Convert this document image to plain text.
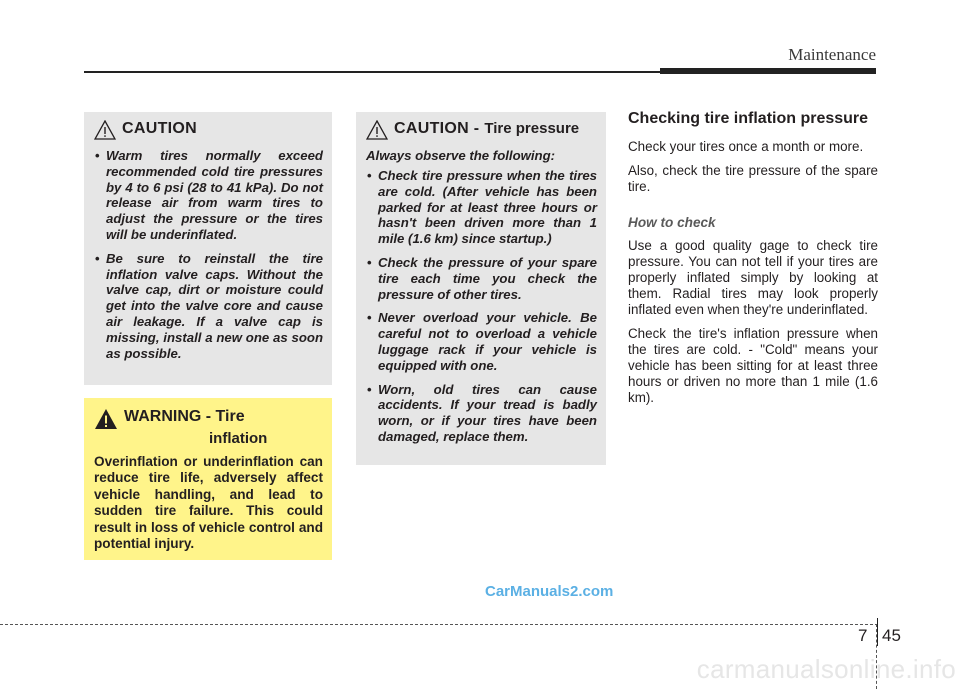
Maintenance
CAUTION
• Warm tires normally exceed recommended cold tire pressures by 4 to 6 psi (28 to 41 kPa). Do not release air from warm tires to adjust the pressure or the tires will be underinflated.
• Be sure to reinstall the tire inflation valve caps. Without the valve cap, dirt or moisture could get into the valve core and cause air leakage. If a valve cap is missing, install a new one as soon as possible.
WARNING - Tire
inflation
Overinflation or underinflation can reduce tire life, adversely affect vehicle handling, and lead to sudden tire failure. This could result in loss of vehicle control and potential injury.
CAUTION - Tire pressure
Always observe the following:
• Check tire pressure when the tires are cold. (After vehicle has been parked for at least three hours or hasn't been driven more than 1 mile (1.6 km) since startup.)
• Check the pressure of your spare tire each time you check the pressure of other tires.
• Never overload your vehicle. Be careful not to overload a vehicle luggage rack if your vehicle is equipped with one.
• Worn, old tires can cause accidents. If your tread is badly worn, or if your tires have been damaged, replace them.
Checking tire inflation pressure

Check your tires once a month or more.

Also, check the tire pressure of the spare tire.

How to check

Use a good quality gage to check tire pressure. You can not tell if your tires are properly inflated simply by looking at them. Radial tires may look properly inflated even when they're underinflated.

Check the tire's inflation pressure when the tires are cold. - "Cold" means your vehicle has been sitting for at least three hours or driven no more than 1 mile (1.6 km).

CarManuals2.com
7 45
carmanualsonline.info
